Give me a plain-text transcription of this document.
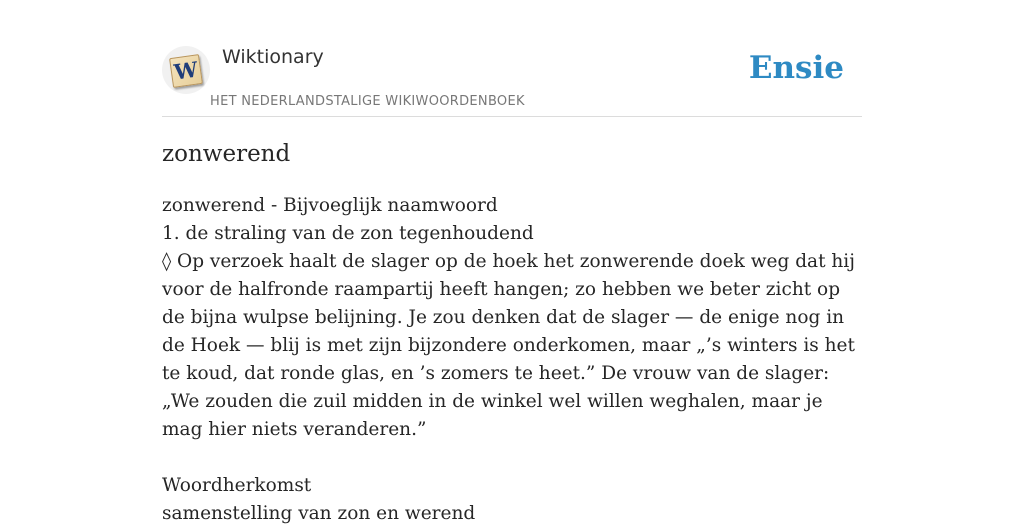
W Wiktionary
HET NEDERLANDSTALIGE WIKIWOORDENBOEK
Ensie
zonwerend
zonwerend - Bijvoeglijk naamwoord
1. de straling van de zon tegenhoudend
◊ Op verzoek haalt de slager op de hoek het zonwerende doek weg dat hij voor de halfronde raampartij heeft hangen; zo hebben we beter zicht op de bijna wulpse belijning. Je zou denken dat de slager — de enige nog in de Hoek — blij is met zijn bijzondere onderkomen, maar „’s winters is het te koud, dat ronde glas, en ’s zomers te heet.” De vrouw van de slager: „We zouden die zuil midden in de winkel wel willen weghalen, maar je mag hier niets veranderen.”
Woordherkomst
samenstelling van zon en werend
